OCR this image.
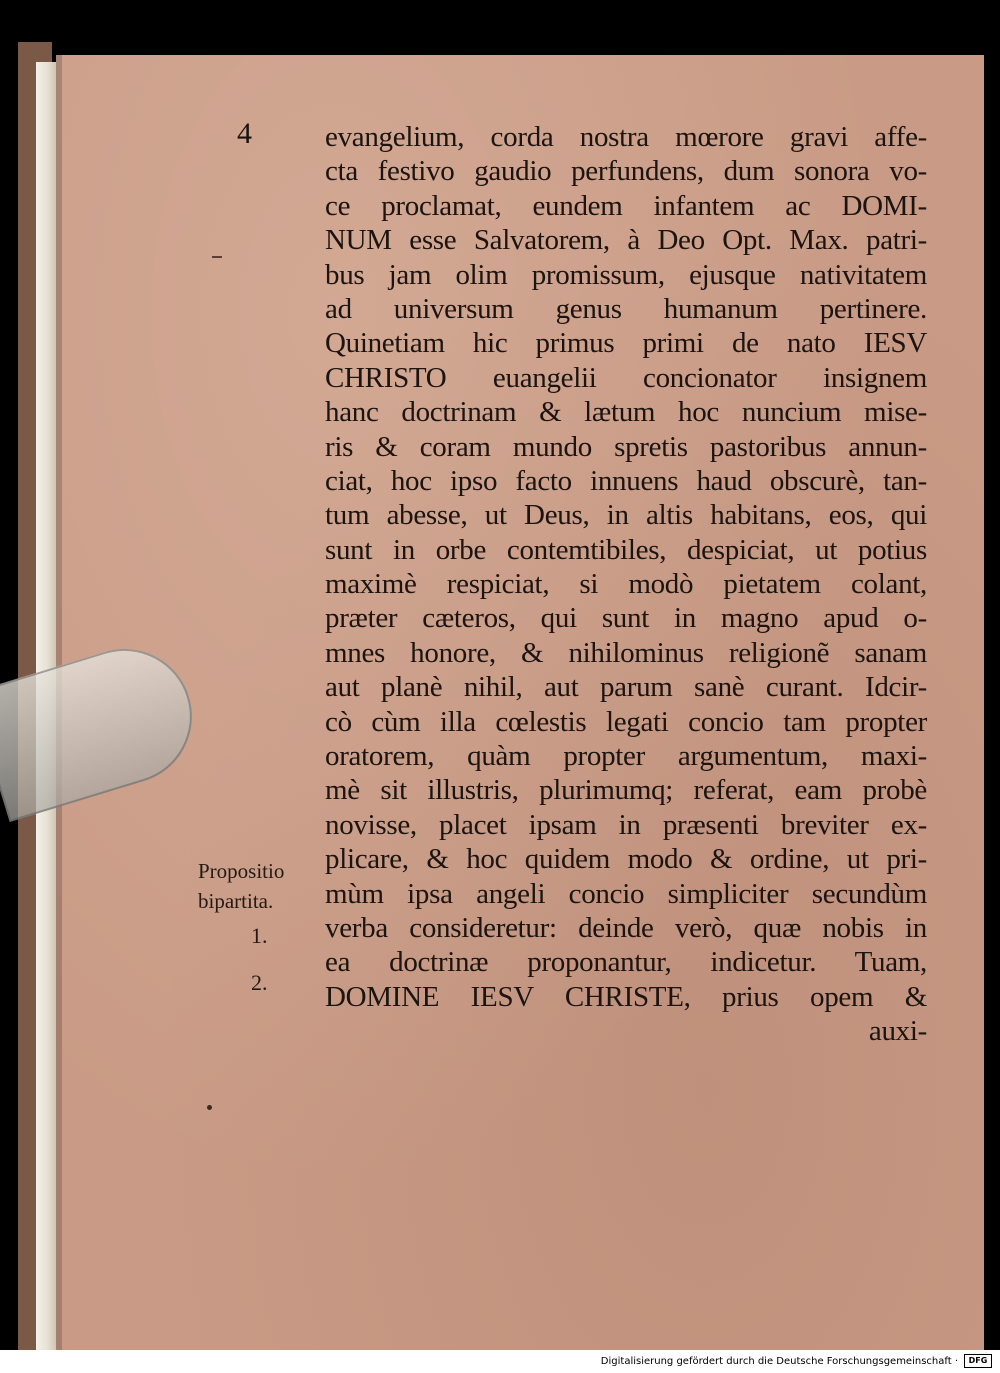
4	evangelium, corda nostra mœrore gravi affe-
cta festivo gaudio perfundens, dum sonora vo-
ce proclamat, eundem infantem ac DOMI-
NUM esse Salvatorem, à Deo Opt. Max. patri-
bus jam olim promissum, ejusque nativitatem
ad universum genus humanum pertinere.
Quinetiam hic primus primi de nato IESV
CHRISTO euangelii concionator insignem
hanc doctrinam & lætum hoc nuncium mise-
ris & coram mundo spretis pastoribus annun-
ciat, hoc ipso facto innuens haud obscurè, tan-
tum abesse, ut Deus, in altis habitans, eos, qui
sunt in orbe contemtibiles, despiciat, ut potius
maximè respiciat, si modò pietatem colant,
præter cæteros, qui sunt in magno apud o-
mnes honore, & nihilominus religionẽ sanam
aut planè nihil, aut parum sanè curant. Idcir-
cò cùm illa cœlestis legati concio tam propter
oratorem, quàm propter argumentum, maxi-
mè sit illustris, plurimumq; referat, eam probè
novisse, placet ipsam in præsenti breviter ex-
plicare, & hoc quidem modo & ordine, ut pri-
mùm ipsa angeli concio simpliciter secundùm
verba consideretur: deinde verò, quæ nobis in
ea doctrinæ proponantur, indicetur. Tuam,
DOMINE IESV CHRISTE, prius opem &
auxi-
Propositio
bipartita.
1.
2.
Digitalisierung gefördert durch die Deutsche Forschungsgemeinschaft ·	DFG
